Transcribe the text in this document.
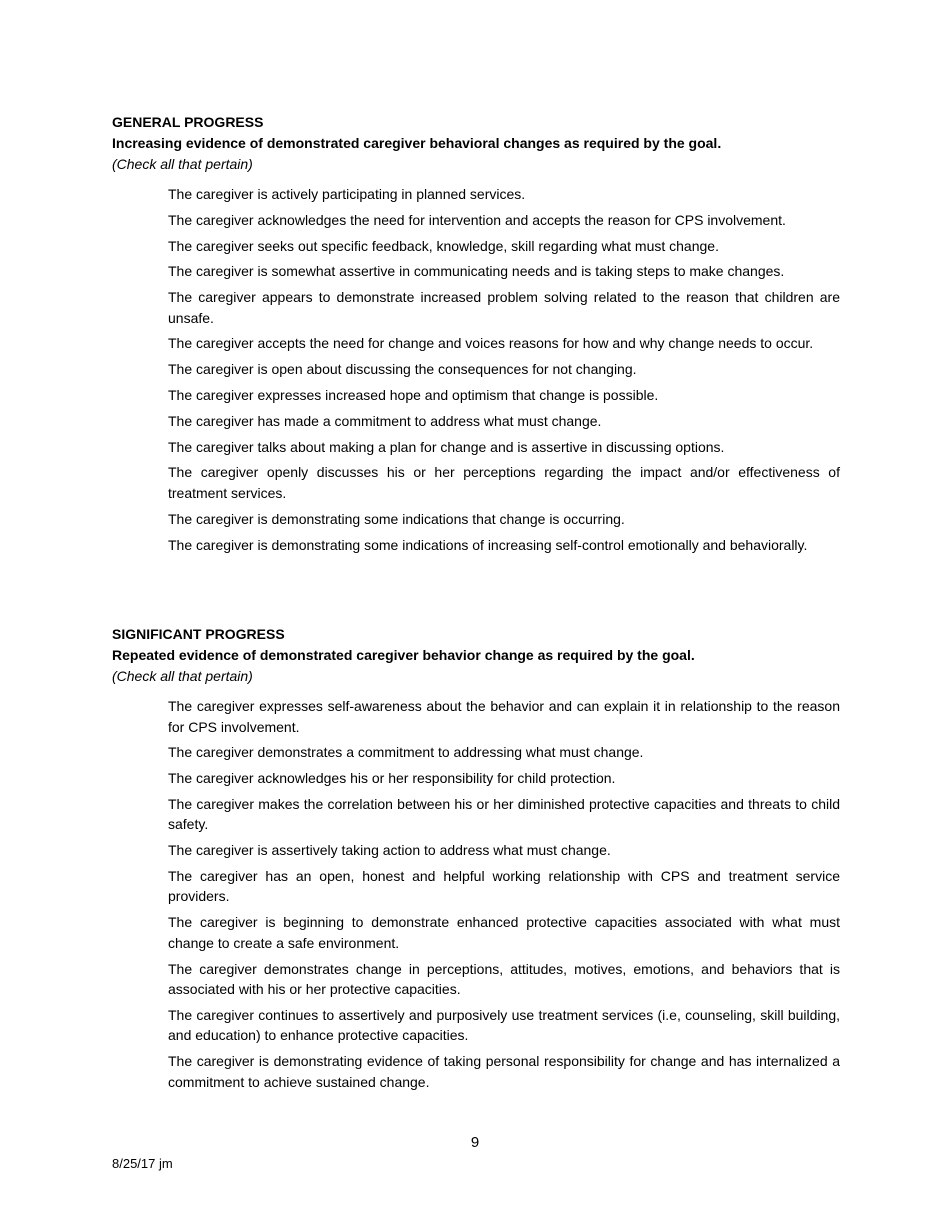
GENERAL PROGRESS

Increasing evidence of demonstrated caregiver behavioral changes as required by the goal.

(Check all that pertain)

The caregiver is actively participating in planned services.
The caregiver acknowledges the need for intervention and accepts the reason for CPS involvement.
The caregiver seeks out specific feedback, knowledge, skill regarding what must change.
The caregiver is somewhat assertive in communicating needs and is taking steps to make changes.
The caregiver appears to demonstrate increased problem solving related to the reason that children are unsafe.
The caregiver accepts the need for change and voices reasons for how and why change needs to occur.
The caregiver is open about discussing the consequences for not changing.
The caregiver expresses increased hope and optimism that change is possible.
The caregiver has made a commitment to address what must change.
The caregiver talks about making a plan for change and is assertive in discussing options.
The caregiver openly discusses his or her perceptions regarding the impact and/or effectiveness of treatment services.
The caregiver is demonstrating some indications that change is occurring.
The caregiver is demonstrating some indications of increasing self-control emotionally and behaviorally.

SIGNIFICANT PROGRESS

Repeated evidence of demonstrated caregiver behavior change as required by the goal.

(Check all that pertain)

The caregiver expresses self-awareness about the behavior and can explain it in relationship to the reason for CPS involvement.
The caregiver demonstrates a commitment to addressing what must change.
The caregiver acknowledges his or her responsibility for child protection.
The caregiver makes the correlation between his or her diminished protective capacities and threats to child safety.
The caregiver is assertively taking action to address what must change.
The caregiver has an open, honest and helpful working relationship with CPS and treatment service providers.
The caregiver is beginning to demonstrate enhanced protective capacities associated with what must change to create a safe environment.
The caregiver demonstrates change in perceptions, attitudes, motives, emotions, and behaviors that is associated with his or her protective capacities.
The caregiver continues to assertively and purposively use treatment services (i.e, counseling, skill building, and education) to enhance protective capacities.
The caregiver is demonstrating evidence of taking personal responsibility for change and has internalized a commitment to achieve sustained change.
9
8/25/17 jm
